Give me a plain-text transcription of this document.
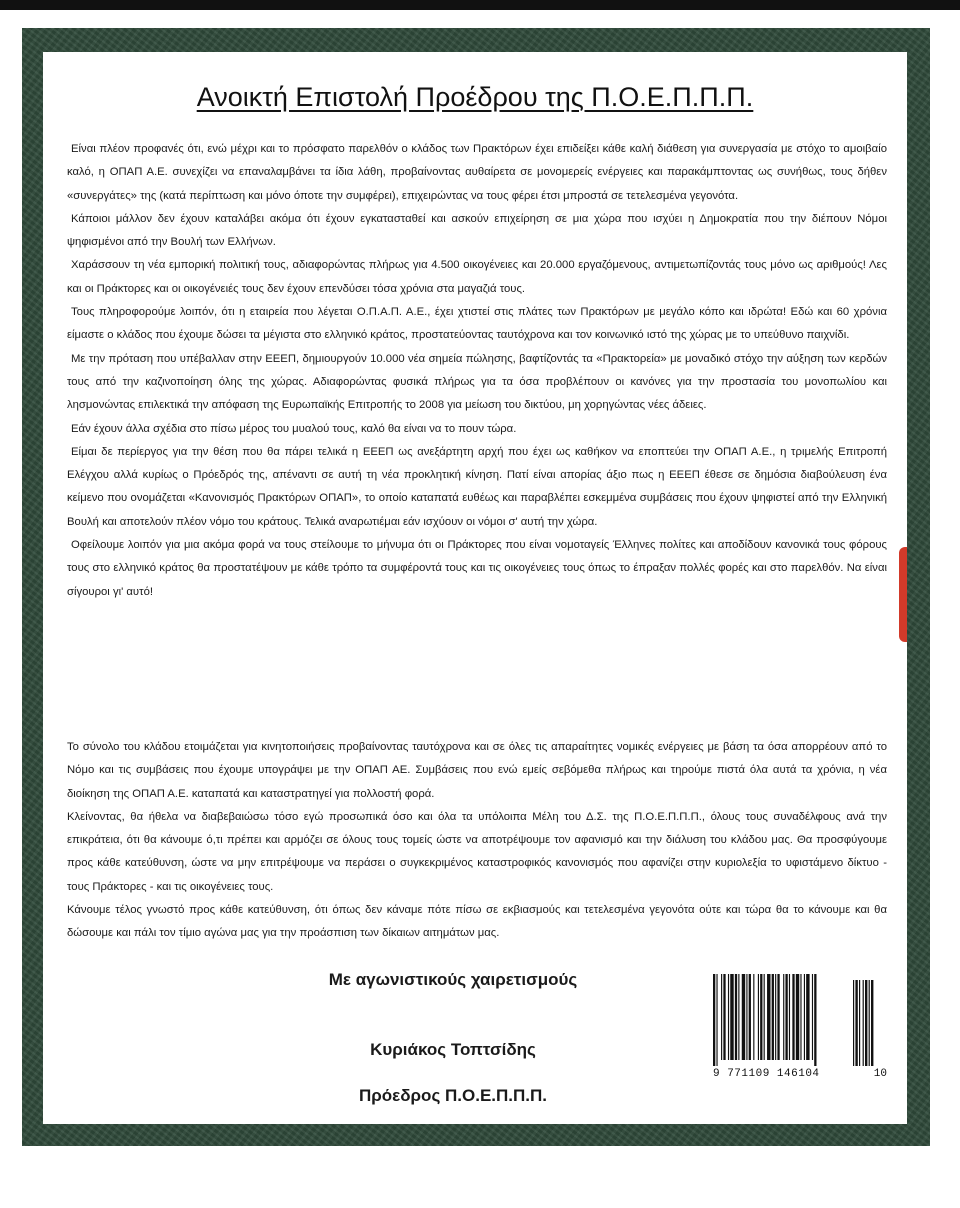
Ανοικτή Επιστολή Προέδρου της Π.Ο.Ε.Π.Π.Π.

Είναι πλέον προφανές ότι, ενώ μέχρι και το πρόσφατο παρελθόν ο κλάδος των Πρακτόρων έχει επιδείξει κάθε καλή διάθεση για συνεργασία με στόχο το αμοιβαίο καλό, η ΟΠΑΠ Α.Ε. συνεχίζει να επαναλαμβάνει τα ίδια λάθη, προβαίνοντας αυθαίρετα σε μονομερείς ενέργειες και παρακάμπτοντας ως συνήθως, τους δήθεν «συνεργάτες» της (κατά περίπτωση και μόνο όποτε την συμφέρει), επιχειρώντας να τους φέρει έτσι μπροστά σε τετελεσμένα γεγονότα.

Κάποιοι μάλλον δεν έχουν καταλάβει ακόμα ότι έχουν εγκατασταθεί και ασκούν επιχείρηση σε μια χώρα που ισχύει η Δημοκρατία που την διέπουν Νόμοι ψηφισμένοι από την Βουλή των Ελλήνων.

Χαράσσουν τη νέα εμπορική πολιτική τους, αδιαφορώντας πλήρως για 4.500 οικογένειες και 20.000 εργαζόμενους, αντιμετωπίζοντάς τους μόνο ως αριθμούς! Λες και οι Πράκτορες και οι οικογένειές τους δεν έχουν επενδύσει τόσα χρόνια στα μαγαζιά τους.

Τους πληροφορούμε λοιπόν, ότι η εταιρεία που λέγεται Ο.Π.Α.Π. Α.Ε., έχει χτιστεί στις πλάτες των Πρακτόρων με μεγάλο κόπο και ιδρώτα! Εδώ και 60 χρόνια είμαστε ο κλάδος που έχουμε δώσει τα μέγιστα στο ελληνικό κράτος, προστατεύοντας ταυτόχρονα και τον κοινωνικό ιστό της χώρας με το υπεύθυνο παιχνίδι.

Με την πρόταση που υπέβαλλαν στην ΕΕΕΠ, δημιουργούν 10.000 νέα σημεία πώλησης, βαφτίζοντάς τα «Πρακτορεία» με μοναδικό στόχο την αύξηση των κερδών τους από την καζινοποίηση όλης της χώρας. Αδιαφορώντας φυσικά πλήρως για τα όσα προβλέπουν οι κανόνες για την προστασία του μονοπωλίου και λησμονώντας επιλεκτικά την απόφαση της Ευρωπαϊκής Επιτροπής το 2008 για μείωση του δικτύου, μη χορηγώντας νέες άδειες.

Εάν έχουν άλλα σχέδια στο πίσω μέρος του μυαλού τους, καλό θα είναι να το πουν τώρα.

Είμαι δε περίεργος για την θέση που θα πάρει τελικά η ΕΕΕΠ ως ανεξάρτητη αρχή που έχει ως καθήκον να εποπτεύει την ΟΠΑΠ Α.Ε., η τριμελής Επιτροπή Ελέγχου αλλά κυρίως ο Πρόεδρός της, απέναντι σε αυτή τη νέα προκλητική κίνηση. Πατί είναι απορίας άξιο πως η ΕΕΕΠ έθεσε σε δημόσια διαβούλευση ένα κείμενο που ονομάζεται «Κανονισμός Πρακτόρων ΟΠΑΠ», το οποίο καταπατά ευθέως και παραβλέπει εσκεμμένα συμβάσεις που έχουν ψηφιστεί από την Ελληνική Βουλή και αποτελούν πλέον νόμο του κράτους. Τελικά αναρωτιέμαι εάν ισχύουν οι νόμοι σ' αυτή την χώρα.

Οφείλουμε λοιπόν για μια ακόμα φορά να τους στείλουμε το μήνυμα ότι οι Πράκτορες που είναι νομοταγείς Έλληνες πολίτες και αποδίδουν κανονικά τους φόρους τους στο ελληνικό κράτος θα προστατέψουν με κάθε τρόπο τα συμφέροντά τους και τις οικογένειες τους όπως το έπραξαν πολλές φορές και στο παρελθόν. Να είναι σίγουροι γι' αυτό!

Το σύνολο του κλάδου ετοιμάζεται για κινητοποιήσεις προβαίνοντας ταυτόχρονα και σε όλες τις απαραίτητες νομικές ενέργειες με βάση τα όσα απορρέουν από το Νόμο και τις συμβάσεις που έχουμε υπογράψει με την ΟΠΑΠ ΑΕ. Συμβάσεις που ενώ εμείς σεβόμεθα πλήρως και τηρούμε πιστά όλα αυτά τα χρόνια, η νέα διοίκηση της ΟΠΑΠ Α.Ε. καταπατά και καταστρατηγεί για πολλοστή φορά.

Κλείνοντας, θα ήθελα να διαβεβαιώσω τόσο εγώ προσωπικά όσο και όλα τα υπόλοιπα Μέλη του Δ.Σ. της Π.Ο.Ε.Π.Π.Π., όλους τους συναδέλφους ανά την επικράτεια, ότι θα κάνουμε ό,τι πρέπει και αρμόζει σε όλους τους τομείς ώστε να αποτρέψουμε τον αφανισμό και την διάλυση του κλάδου μας. Θα προσφύγουμε προς κάθε κατεύθυνση, ώστε να μην επιτρέψουμε να περάσει ο συγκεκριμένος καταστροφικός κανονισμός που αφανίζει στην κυριολεξία το υφιστάμενο δίκτυο - τους Πράκτορες - και τις οικογένειες τους.

Κάνουμε τέλος γνωστό προς κάθε κατεύθυνση, ότι όπως δεν κάναμε πότε πίσω σε εκβιασμούς και τετελεσμένα γεγονότα ούτε και τώρα θα το κάνουμε και θα δώσουμε και πάλι τον τίμιο αγώνα μας για την προάσπιση των δίκαιων αιτημάτων μας.

Με αγωνιστικούς χαιρετισμούς
Κυριάκος Τοπτσίδης
Πρόεδρος Π.Ο.Ε.Π.Π.Π.
9 771109 146104	10
